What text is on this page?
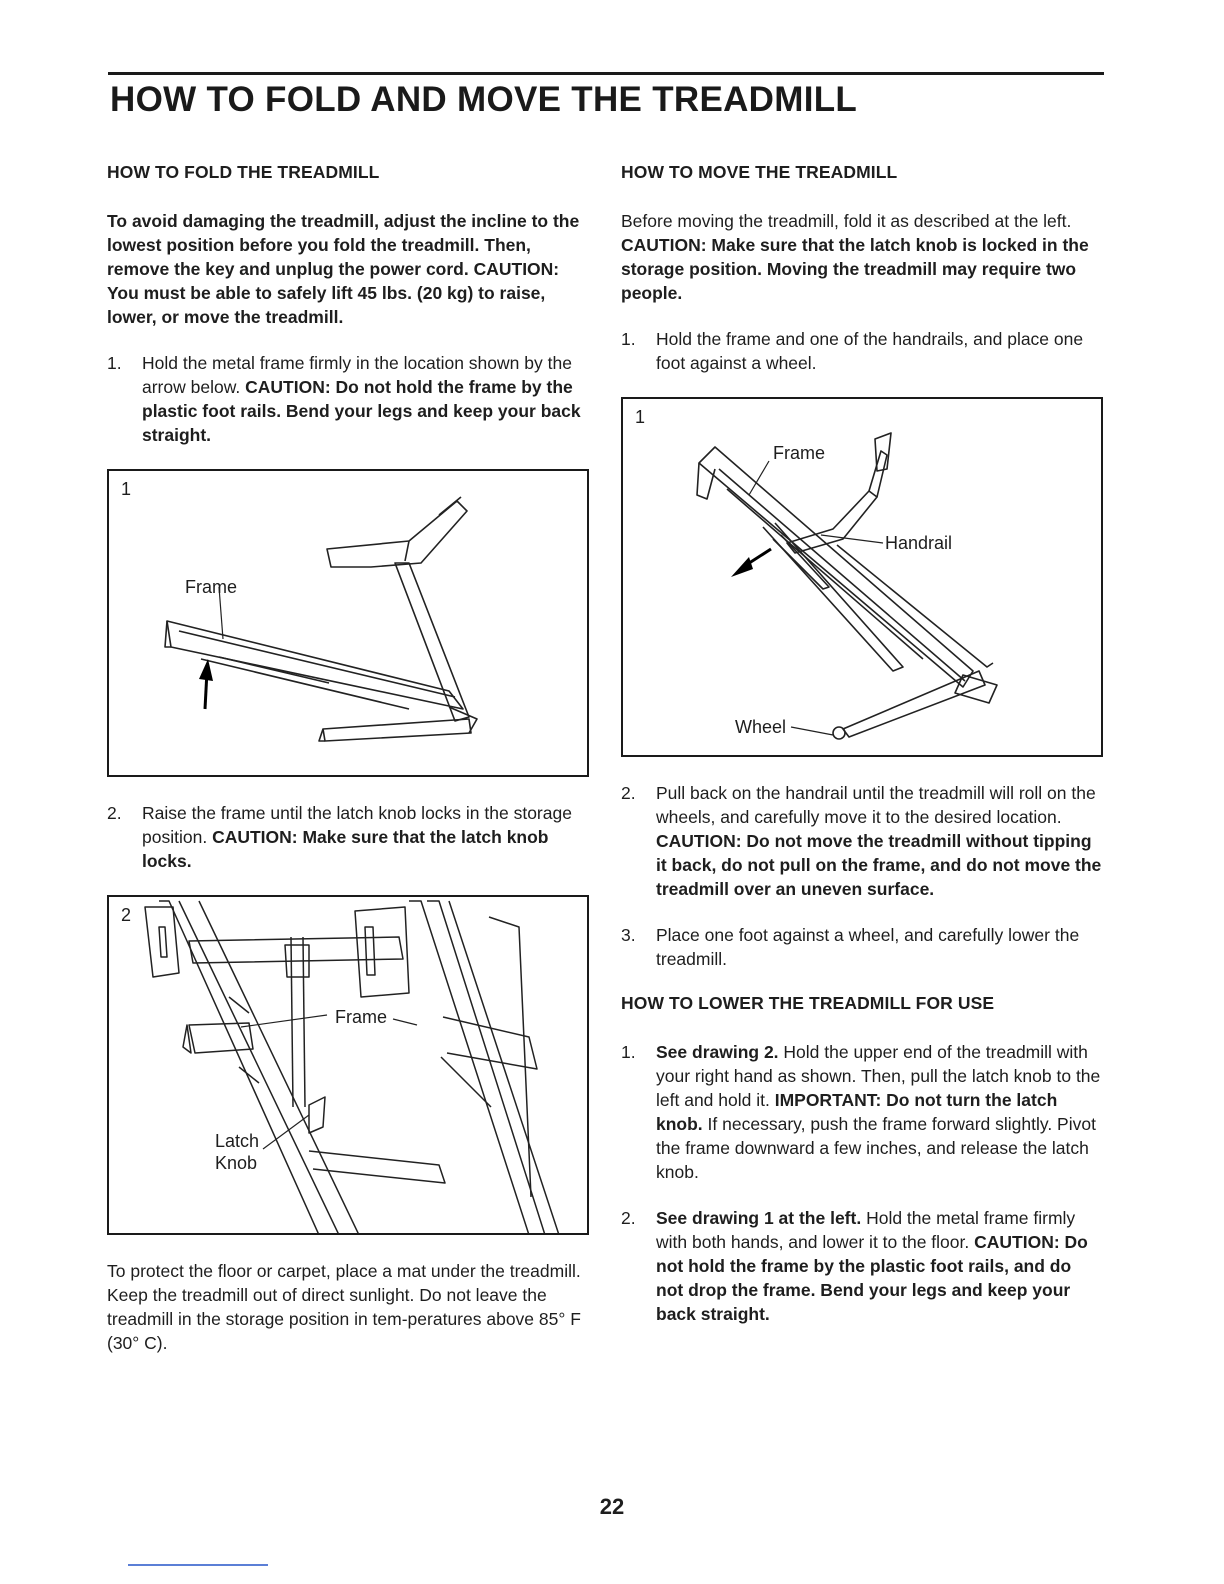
HOW TO FOLD AND MOVE THE TREADMILL
HOW TO FOLD THE TREADMILL

To avoid damaging the treadmill, adjust the incline to the lowest position before you fold the treadmill. Then, remove the key and unplug the power cord. CAUTION: You must be able to safely lift 45 lbs. (20 kg) to raise, lower, or move the treadmill.

1.	Hold the metal frame firmly in the location shown by the arrow below. CAUTION: Do not hold the frame by the plastic foot rails. Bend your legs and keep your back straight.
1
Frame
2.	Raise the frame until the latch knob locks in the storage position. CAUTION: Make sure that the latch knob locks.
2
Frame
Latch
Knob

To protect the floor or carpet, place a mat under the treadmill. Keep the treadmill out of direct sunlight. Do not leave the treadmill in the storage position in tem-peratures above 85° F (30° C).

HOW TO MOVE THE TREADMILL

Before moving the treadmill, fold it as described at the left. CAUTION: Make sure that the latch knob is locked in the storage position. Moving the treadmill may require two people.

1.	Hold the frame and one of the handrails, and place one foot against a wheel.
1
Frame
Handrail
Wheel
2.	Pull back on the handrail until the treadmill will roll on the wheels, and carefully move it to the desired location. CAUTION: Do not move the treadmill without tipping it back, do not pull on the frame, and do not move the treadmill over an uneven surface.
3.	Place one foot against a wheel, and carefully lower the treadmill.
HOW TO LOWER THE TREADMILL FOR USE
1.	See drawing 2. Hold the upper end of the treadmill with your right hand as shown. Then, pull the latch knob to the left and hold it. IMPORTANT: Do not turn the latch knob. If necessary, push the frame forward slightly. Pivot the frame downward a few inches, and release the latch knob.
2.	See drawing 1 at the left. Hold the metal frame firmly with both hands, and lower it to the floor. CAUTION: Do not hold the frame by the plastic foot rails, and do not drop the frame. Bend your legs and keep your back straight.
22
